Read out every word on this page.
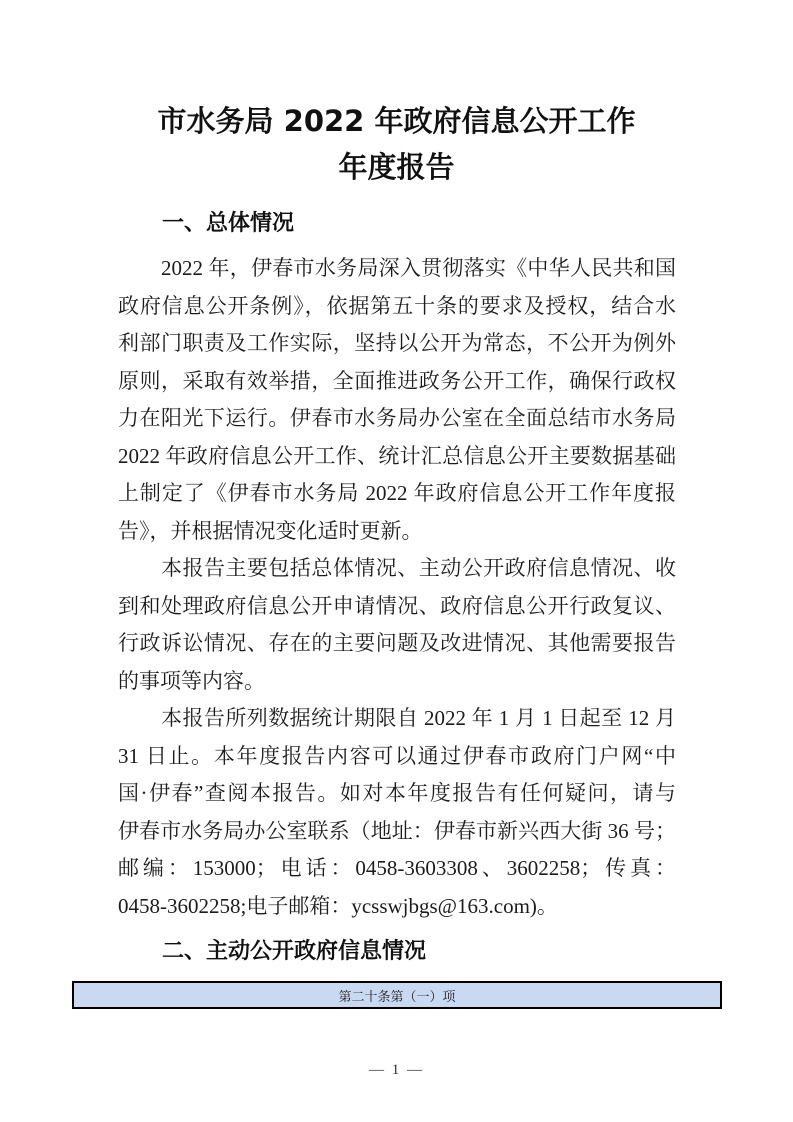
市水务局 2022 年政府信息公开工作
年度报告
一、总体情况
2022 年，伊春市水务局深入贯彻落实《中华人民共和国
政府信息公开条例》，依据第五十条的要求及授权，结合水
利部门职责及工作实际，坚持以公开为常态，不公开为例外
原则，采取有效举措，全面推进政务公开工作，确保行政权
力在阳光下运行。伊春市水务局办公室在全面总结市水务局
2022 年政府信息公开工作、统计汇总信息公开主要数据基础
上制定了《伊春市水务局 2022 年政府信息公开工作年度报
告》，并根据情况变化适时更新。
本报告主要包括总体情况、主动公开政府信息情况、收
到和处理政府信息公开申请情况、政府信息公开行政复议、
行政诉讼情况、存在的主要问题及改进情况、其他需要报告
的事项等内容。
本报告所列数据统计期限自 2022 年 1 月 1 日起至 12 月
31 日止。本年度报告内容可以通过伊春市政府门户网“中
国·伊春”查阅本报告。如对本年度报告有任何疑问，请与
伊春市水务局办公室联系（地址：伊春市新兴西大街 36 号；
邮编：153000；电话：0458-3603308、3602258；传真：
0458-3602258;电子邮箱：ycsswjbgs@163.com)。
二、主动公开政府信息情况
第二十条第（一）项
— 1 —
